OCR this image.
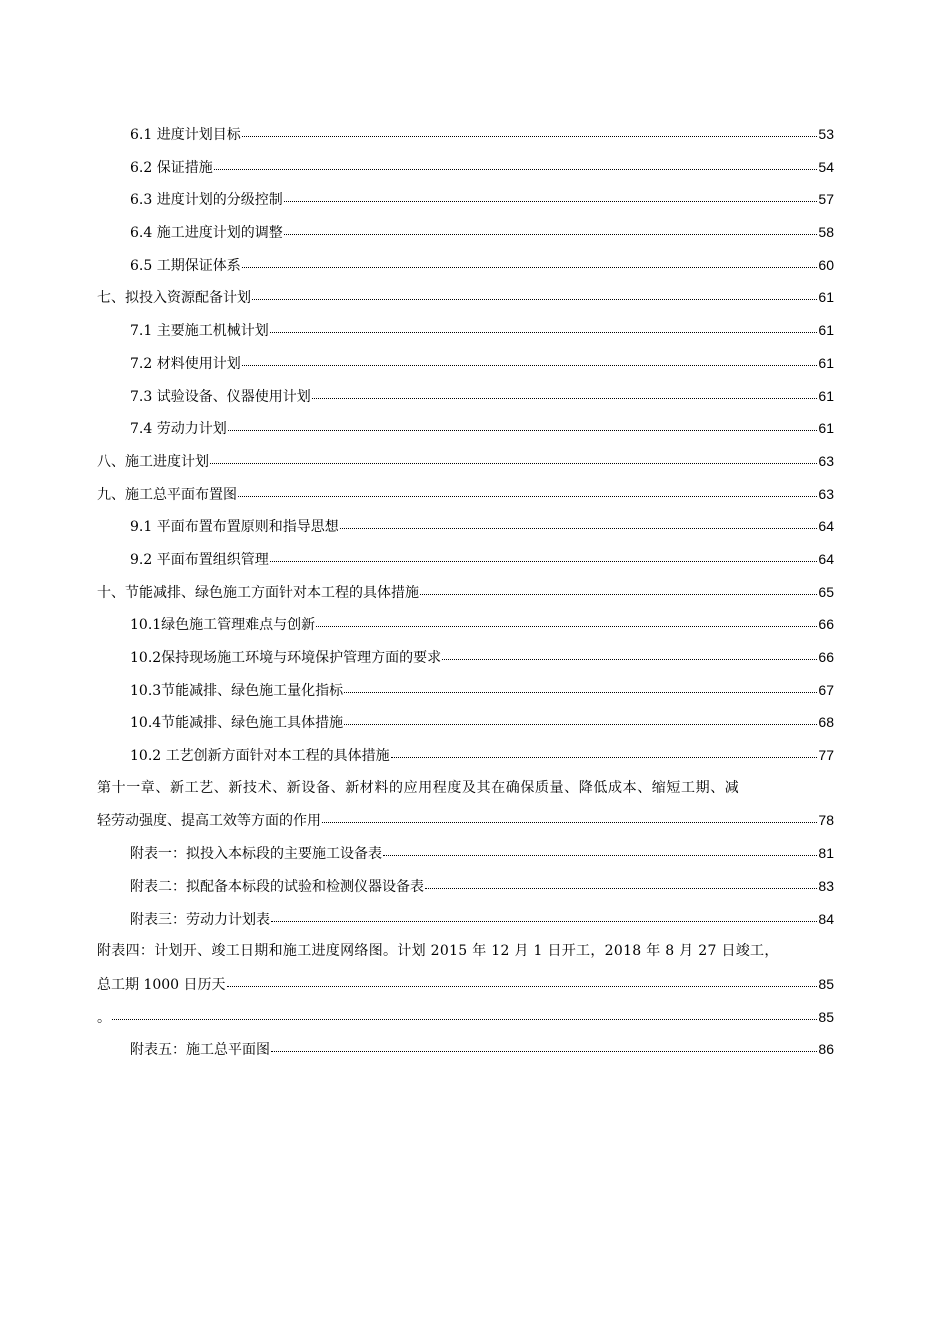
6.1 进度计划目标	53
6.2 保证措施	54
6.3 进度计划的分级控制	57
6.4 施工进度计划的调整	58
6.5 工期保证体系	60
七、拟投入资源配备计划	61
7.1 主要施工机械计划	61
7.2 材料使用计划	61
7.3 试验设备、仪器使用计划	61
7.4 劳动力计划	61
八、施工进度计划	63
九、施工总平面布置图	63
9.1 平面布置布置原则和指导思想	64
9.2 平面布置组织管理	64
十、节能减排、绿色施工方面针对本工程的具体措施	65
10.1绿色施工管理难点与创新	66
10.2保持现场施工环境与环境保护管理方面的要求	66
10.3节能减排、绿色施工量化指标	67
10.4节能减排、绿色施工具体措施	68
10.2 工艺创新方面针对本工程的具体措施	77
第十一章、新工艺、新技术、新设备、新材料的应用程度及其在确保质量、降低成本、缩短工期、减
轻劳动强度、提高工效等方面的作用	78
附表一：拟投入本标段的主要施工设备表	81
附表二：拟配备本标段的试验和检测仪器设备表	83
附表三：劳动力计划表	84
附表四：计划开、竣工日期和施工进度网络图。计划 2015 年 12 月 1 日开工，2018 年 8 月 27 日竣工，
总工期 1000 日历天	85
。	85
附表五：施工总平面图	86
